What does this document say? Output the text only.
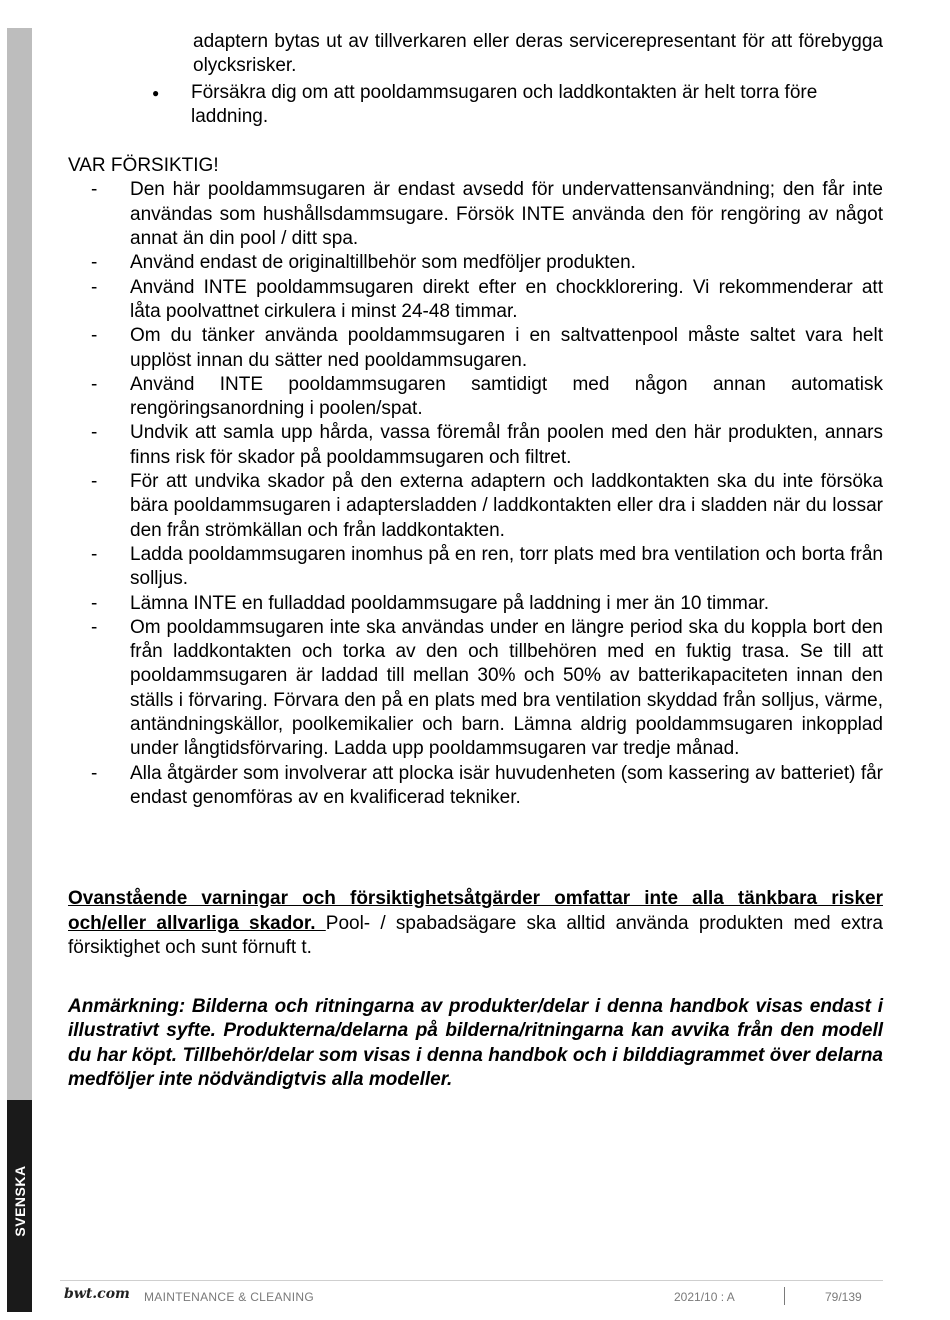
SVENSKA
adaptern bytas ut av tillverkaren eller deras servicerepresentant för att förebygga olycksrisker.
● Försäkra dig om att pooldammsugaren och laddkontakten är helt torra före laddning.
VAR FÖRSIKTIG!
- Den här pooldammsugaren är endast avsedd för undervattensanvändning; den får inte användas som hushållsdammsugare. Försök INTE använda den för rengöring av något annat än din pool / ditt spa.
- Använd endast de originaltillbehör som medföljer produkten.
- Använd INTE pooldammsugaren direkt efter en chockklorering. Vi rekommenderar att låta poolvattnet cirkulera i minst 24-48 timmar.
- Om du tänker använda pooldammsugaren i en saltvattenpool måste saltet vara helt upplöst innan du sätter ned pooldammsugaren.
- Använd INTE pooldammsugaren samtidigt med någon annan automatisk rengöringsanordning i poolen/spat.
- Undvik att samla upp hårda, vassa föremål från poolen med den här produkten, annars finns risk för skador på pooldammsugaren och filtret.
- För att undvika skador på den externa adaptern och laddkontakten ska du inte försöka bära pooldammsugaren i adaptersladden / laddkontakten eller dra i sladden när du lossar den från strömkällan och från laddkontakten.
- Ladda pooldammsugaren inomhus på en ren, torr plats med bra ventilation och borta från solljus.
- Lämna INTE en fulladdad pooldammsugare på laddning i mer än 10 timmar.
- Om pooldammsugaren inte ska användas under en längre period ska du koppla bort den från laddkontakten och torka av den och tillbehören med en fuktig trasa. Se till att pooldammsugaren är laddad till mellan 30% och 50% av batterikapaciteten innan den ställs i förvaring. Förvara den på en plats med bra ventilation skyddad från solljus, värme, antändningskällor, poolkemikalier och barn. Lämna aldrig pooldammsugaren inkopplad under långtidsförvaring. Ladda upp pooldammsugaren var tredje månad.
- Alla åtgärder som involverar att plocka isär huvudenheten (som kassering av batteriet) får endast genomföras av en kvalificerad tekniker.
Ovanstående varningar och försiktighetsåtgärder omfattar inte alla tänkbara risker och/eller allvarliga skador. Pool- / spabadsägare ska alltid använda produkten med extra försiktighet och sunt förnuft t.
Anmärkning: Bilderna och ritningarna av produkter/delar i denna handbok visas endast i illustrativt syfte. Produkterna/delarna på bilderna/ritningarna kan avvika från den modell du har köpt. Tillbehör/delar som visas i denna handbok och i bilddiagrammet över delarna medföljer inte nödvändigtvis alla modeller.
bwt.com MAINTENANCE & CLEANING	2021/10 : A	79/139
